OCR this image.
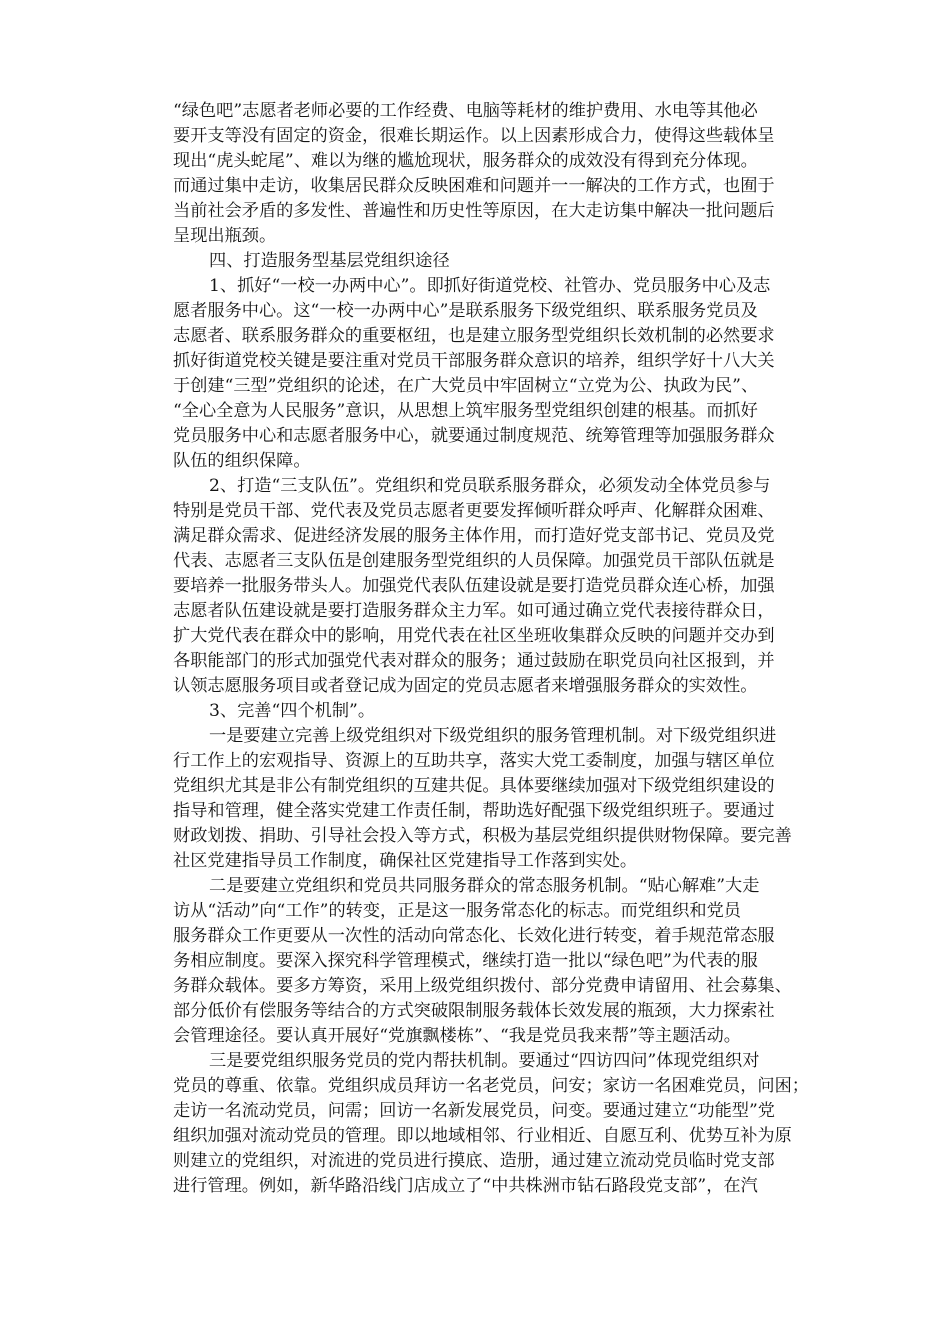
“绿色吧”志愿者老师必要的工作经费、电脑等耗材的维护费用、水电等其他必
要开支等没有固定的资金，很难长期运作。以上因素形成合力，使得这些载体呈
现出“虎头蛇尾”、难以为继的尴尬现状，服务群众的成效没有得到充分体现。
而通过集中走访，收集居民群众反映困难和问题并一一解决的工作方式，也囿于
当前社会矛盾的多发性、普遍性和历史性等原因，在大走访集中解决一批问题后
呈现出瓶颈。
四、打造服务型基层党组织途径
1、抓好“一校一办两中心”。即抓好街道党校、社管办、党员服务中心及志
愿者服务中心。这“一校一办两中心”是联系服务下级党组织、联系服务党员及
志愿者、联系服务群众的重要枢纽，也是建立服务型党组织长效机制的必然要求
抓好街道党校关键是要注重对党员干部服务群众意识的培养，组织学好十八大关
于创建“三型”党组织的论述，在广大党员中牢固树立“立党为公、执政为民”、
“全心全意为人民服务”意识，从思想上筑牢服务型党组织创建的根基。而抓好
党员服务中心和志愿者服务中心，就要通过制度规范、统筹管理等加强服务群众
队伍的组织保障。
2、打造“三支队伍”。党组织和党员联系服务群众，必须发动全体党员参与
特别是党员干部、党代表及党员志愿者更要发挥倾听群众呼声、化解群众困难、
满足群众需求、促进经济发展的服务主体作用，而打造好党支部书记、党员及党
代表、志愿者三支队伍是创建服务型党组织的人员保障。加强党员干部队伍就是
要培养一批服务带头人。加强党代表队伍建设就是要打造党员群众连心桥，加强
志愿者队伍建设就是要打造服务群众主力军。如可通过确立党代表接待群众日，
扩大党代表在群众中的影响，用党代表在社区坐班收集群众反映的问题并交办到
各职能部门的形式加强党代表对群众的服务；通过鼓励在职党员向社区报到，并
认领志愿服务项目或者登记成为固定的党员志愿者来增强服务群众的实效性。
3、完善“四个机制”。
一是要建立完善上级党组织对下级党组织的服务管理机制。对下级党组织进
行工作上的宏观指导、资源上的互助共享，落实大党工委制度，加强与辖区单位
党组织尤其是非公有制党组织的互建共促。具体要继续加强对下级党组织建设的
指导和管理，健全落实党建工作责任制，帮助选好配强下级党组织班子。要通过
财政划拨、捐助、引导社会投入等方式，积极为基层党组织提供财物保障。要完善
社区党建指导员工作制度，确保社区党建指导工作落到实处。
二是要建立党组织和党员共同服务群众的常态服务机制。“贴心解难”大走
访从“活动”向“工作”的转变，正是这一服务常态化的标志。而党组织和党员
服务群众工作更要从一次性的活动向常态化、长效化进行转变，着手规范常态服
务相应制度。要深入探究科学管理模式，继续打造一批以“绿色吧”为代表的服
务群众载体。要多方筹资，采用上级党组织拨付、部分党费申请留用、社会募集、
部分低价有偿服务等结合的方式突破限制服务载体长效发展的瓶颈，大力探索社
会管理途径。要认真开展好“党旗飘楼栋”、“我是党员我来帮”等主题活动。
三是要党组织服务党员的党内帮扶机制。要通过“四访四问”体现党组织对
党员的尊重、依靠。党组织成员拜访一名老党员，问安；家访一名困难党员，问困；
走访一名流动党员，问需；回访一名新发展党员，问变。要通过建立“功能型”党
组织加强对流动党员的管理。即以地域相邻、行业相近、自愿互利、优势互补为原
则建立的党组织，对流进的党员进行摸底、造册，通过建立流动党员临时党支部
进行管理。例如，新华路沿线门店成立了“中共株洲市钻石路段党支部”，在汽
